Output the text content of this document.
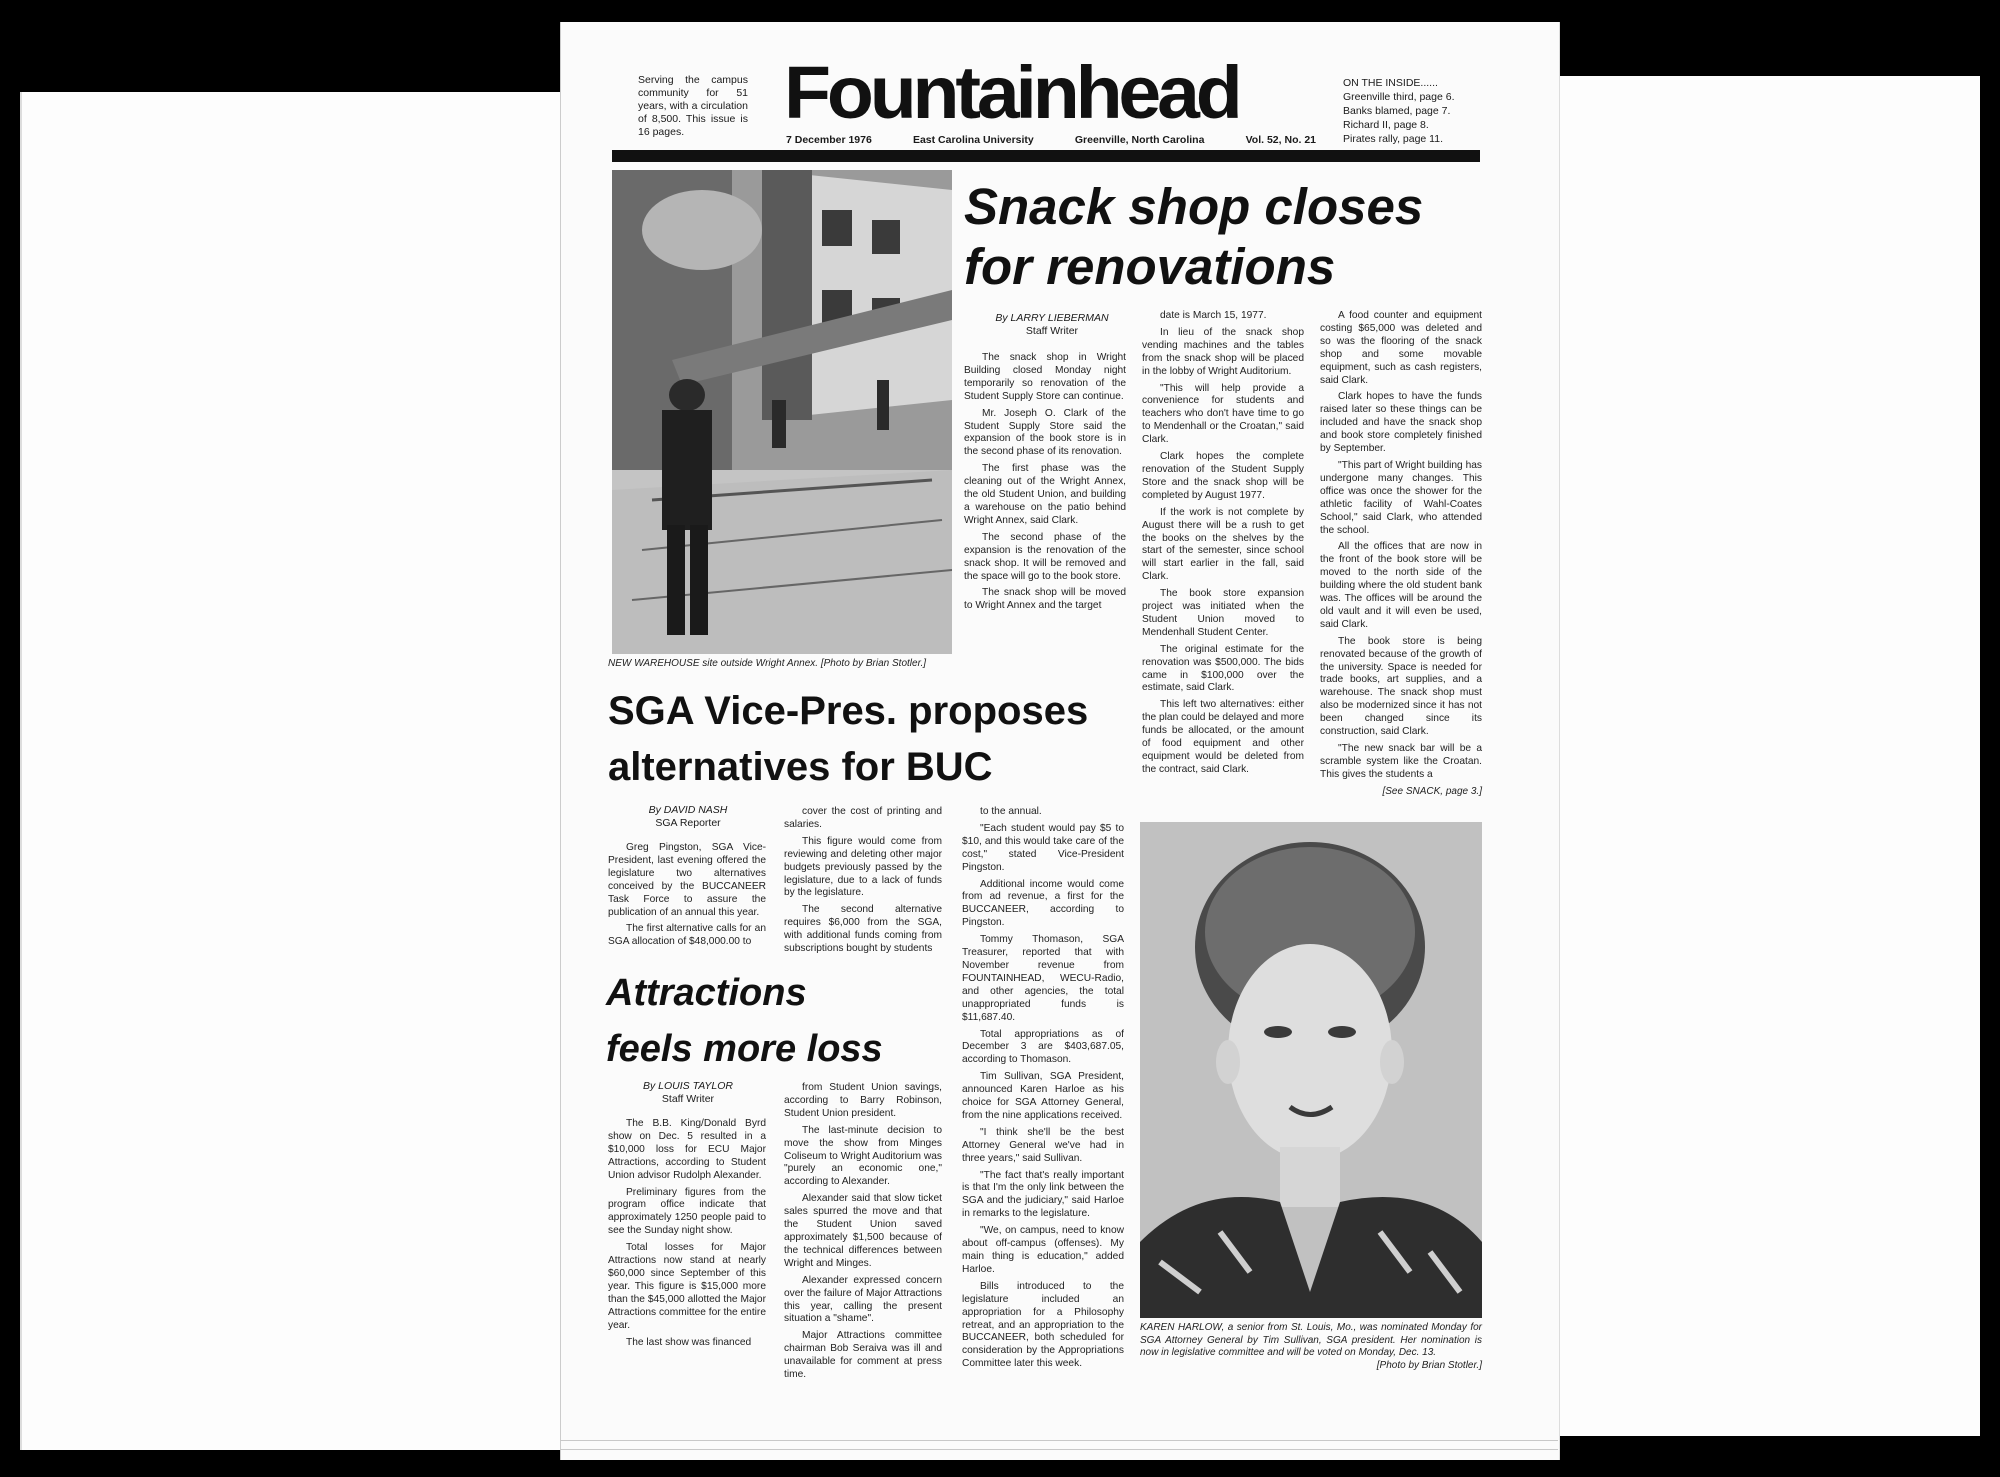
Serving the campus community for 51 years, with a circulation of 8,500. This issue is 16 pages.	Fountainhead
7 December 1976	East Carolina University	Greenville, North Carolina	Vol. 52, No. 21
ON THE INSIDE......
Greenville third, page 6.
Banks blamed, page 7.
Richard II, page 8.
Pirates rally, page 11.
NEW WAREHOUSE site outside Wright Annex. [Photo by Brian Stotler.]
Snack shop closes
for renovations
By LARRY LIEBERMAN
Staff Writer

The snack shop in Wright Building closed Monday night temporarily so renovation of the Student Supply Store can continue.

Mr. Joseph O. Clark of the Student Supply Store said the expansion of the book store is in the second phase of its renovation.

The first phase was the cleaning out of the Wright Annex, the old Student Union, and building a warehouse on the patio behind Wright Annex, said Clark.

The second phase of the expansion is the renovation of the snack shop. It will be removed and the space will go to the book store.

The snack shop will be moved to Wright Annex and the target

date is March 15, 1977.

In lieu of the snack shop vending machines and the tables from the snack shop will be placed in the lobby of Wright Auditorium.

"This will help provide a convenience for students and teachers who don't have time to go to Mendenhall or the Croatan," said Clark.

Clark hopes the complete renovation of the Student Supply Store and the snack shop will be completed by August 1977.

If the work is not complete by August there will be a rush to get the books on the shelves by the start of the semester, since school will start earlier in the fall, said Clark.

The book store expansion project was initiated when the Student Union moved to Mendenhall Student Center.

The original estimate for the renovation was $500,000. The bids came in $100,000 over the estimate, said Clark.

This left two alternatives: either the plan could be delayed and more funds be allocated, or the amount of food equipment and other equipment would be deleted from the contract, said Clark.

A food counter and equipment costing $65,000 was deleted and so was the flooring of the snack shop and some movable equipment, such as cash registers, said Clark.

Clark hopes to have the funds raised later so these things can be included and have the snack shop and book store completely finished by September.

"This part of Wright building has undergone many changes. This office was once the shower for the athletic facility of Wahl-Coates School," said Clark, who attended the school.

All the offices that are now in the front of the book store will be moved to the north side of the building where the old student bank was. The offices will be around the old vault and it will even be used, said Clark.

The book store is being renovated because of the growth of the university. Space is needed for trade books, art supplies, and a warehouse. The snack shop must also be modernized since it has not been changed since its construction, said Clark.

"The new snack bar will be a scramble system like the Croatan. This gives the students a

[See SNACK, page 3.]
SGA Vice-Pres. proposes
alternatives for BUC
By DAVID NASH
SGA Reporter

Greg Pingston, SGA Vice-President, last evening offered the legislature two alternatives conceived by the BUCCANEER Task Force to assure the publication of an annual this year.

The first alternative calls for an SGA allocation of $48,000.00 to

cover the cost of printing and salaries.

This figure would come from reviewing and deleting other major budgets previously passed by the legislature, due to a lack of funds by the legislature.

The second alternative requires $6,000 from the SGA, with additional funds coming from subscriptions bought by students

to the annual.

"Each student would pay $5 to $10, and this would take care of the cost," stated Vice-President Pingston.

Additional income would come from ad revenue, a first for the BUCCANEER, according to Pingston.

Tommy Thomason, SGA Treasurer, reported that with November revenue from FOUNTAINHEAD, WECU-Radio, and other agencies, the total unappropriated funds is $11,687.40.

Total appropriations as of December 3 are $403,687.05, according to Thomason.

Tim Sullivan, SGA President, announced Karen Harloe as his choice for SGA Attorney General, from the nine applications received.

"I think she'll be the best Attorney General we've had in three years," said Sullivan.

"The fact that's really important is that I'm the only link between the SGA and the judiciary," said Harloe in remarks to the legislature.

"We, on campus, need to know about off-campus (offenses). My main thing is education," added Harloe.

Bills introduced to the legislature included an appropriation for a Philosophy retreat, and an appropriation to the BUCCANEER, both scheduled for consideration by the Appropriations Committee later this week.

Attractions
feels more loss
By LOUIS TAYLOR
Staff Writer

The B.B. King/Donald Byrd show on Dec. 5 resulted in a $10,000 loss for ECU Major Attractions, according to Student Union advisor Rudolph Alexander.

Preliminary figures from the program office indicate that approximately 1250 people paid to see the Sunday night show.

Total losses for Major Attractions now stand at nearly $60,000 since September of this year. This figure is $15,000 more than the $45,000 allotted the Major Attractions committee for the entire year.

The last show was financed

from Student Union savings, according to Barry Robinson, Student Union president.

The last-minute decision to move the show from Minges Coliseum to Wright Auditorium was "purely an economic one," according to Alexander.

Alexander said that slow ticket sales spurred the move and that the Student Union saved approximately $1,500 because of the technical differences between Wright and Minges.

Alexander expressed concern over the failure of Major Attractions this year, calling the present situation a "shame".

Major Attractions committee chairman Bob Seraiva was ill and unavailable for comment at press time.

KAREN HARLOW, a senior from St. Louis, Mo., was nominated Monday for SGA Attorney General by Tim Sullivan, SGA president. Her nomination is now in legislative committee and will be voted on Monday, Dec. 13.
[Photo by Brian Stotler.]
